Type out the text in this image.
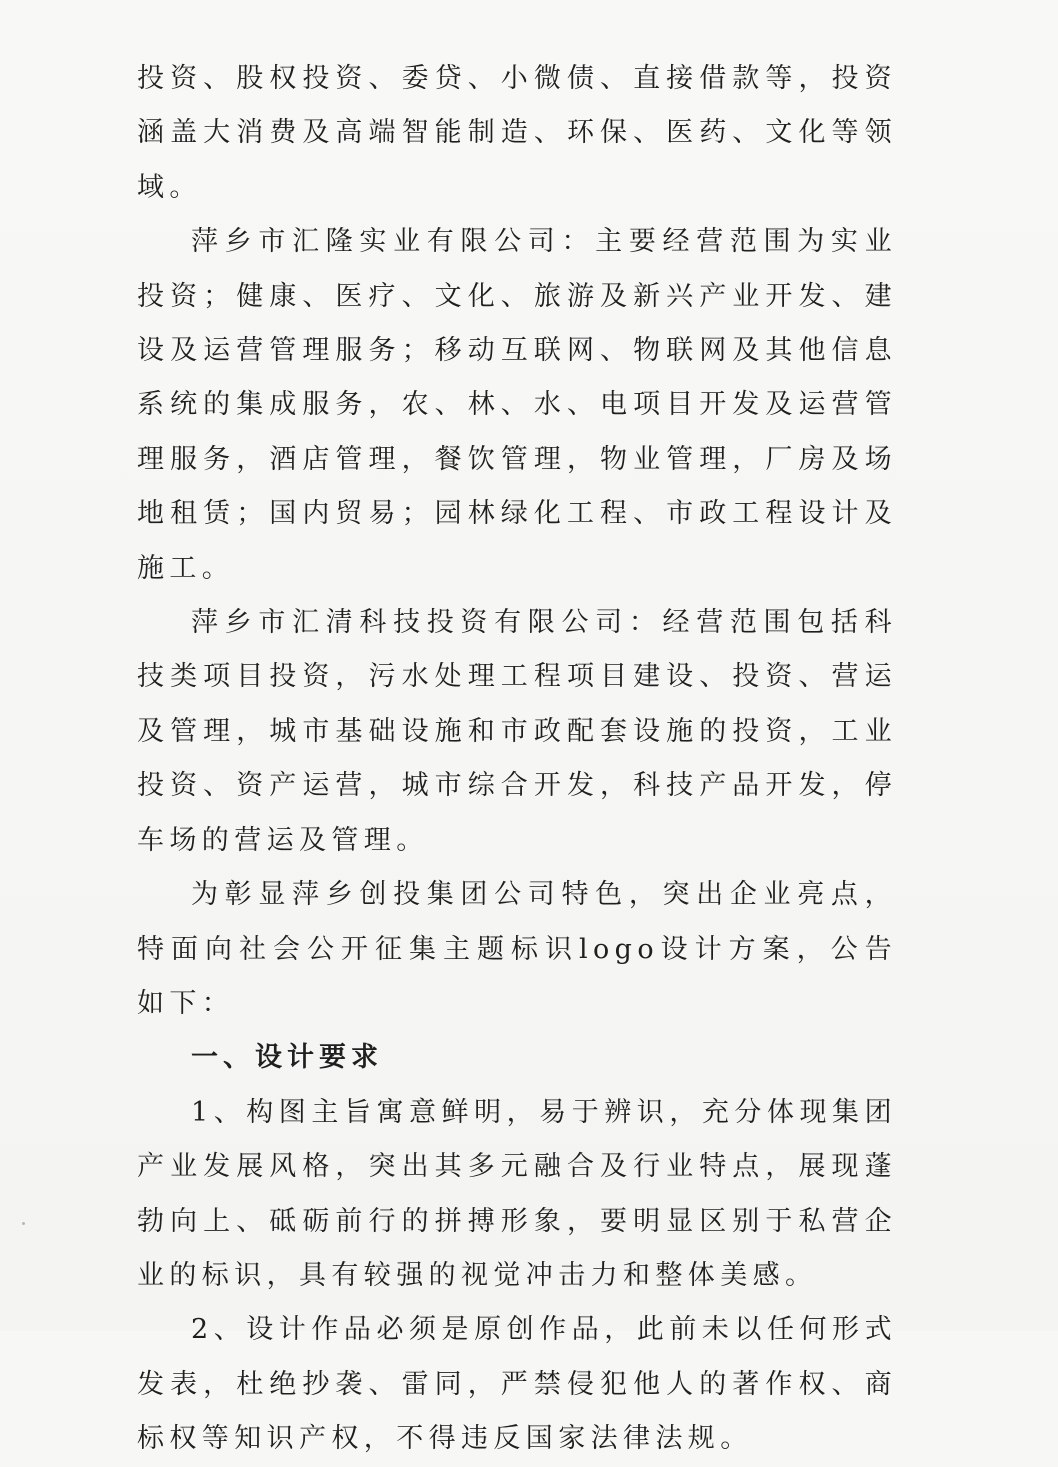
投资、股权投资、委贷、小微债、直接借款等，投资涵盖大消费及高端智能制造、环保、医药、文化等领域。

萍乡市汇隆实业有限公司：主要经营范围为实业投资；健康、医疗、文化、旅游及新兴产业开发、建设及运营管理服务；移动互联网、物联网及其他信息系统的集成服务，农、林、水、电项目开发及运营管理服务，酒店管理，餐饮管理，物业管理，厂房及场地租赁；国内贸易；园林绿化工程、市政工程设计及施工。

萍乡市汇清科技投资有限公司：经营范围包括科技类项目投资，污水处理工程项目建设、投资、营运及管理，城市基础设施和市政配套设施的投资，工业投资、资产运营，城市综合开发，科技产品开发，停车场的营运及管理。

为彰显萍乡创投集团公司特色，突出企业亮点，特面向社会公开征集主题标识logo设计方案，公告如下：

一、设计要求

1、构图主旨寓意鲜明，易于辨识，充分体现集团产业发展风格，突出其多元融合及行业特点，展现蓬勃向上、砥砺前行的拼搏形象，要明显区别于私营企业的标识，具有较强的视觉冲击力和整体美感。

2、设计作品必须是原创作品，此前未以任何形式发表，杜绝抄袭、雷同，严禁侵犯他人的著作权、商标权等知识产权，不得违反国家法律法规。
